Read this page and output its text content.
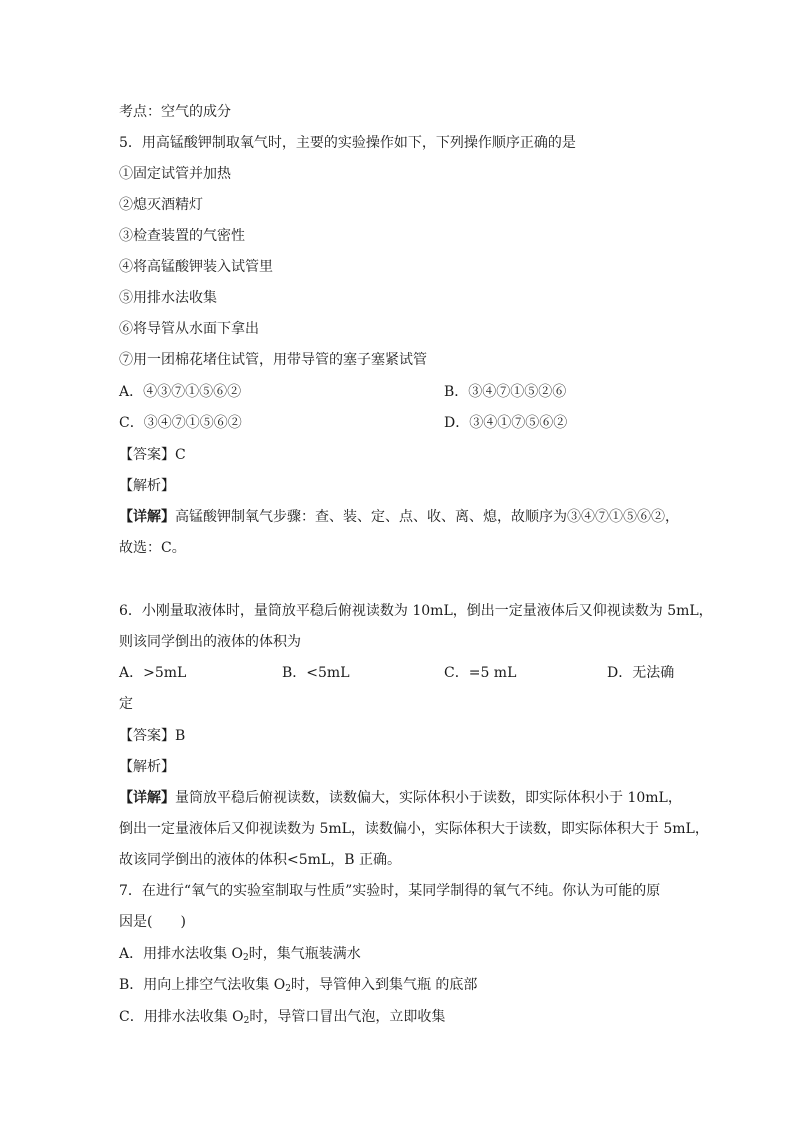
考点：空气的成分
5．用高锰酸钾制取氧气时，主要的实验操作如下，下列操作顺序正确的是
①固定试管并加热
②熄灭酒精灯
③检查装置的气密性
④将高锰酸钾装入试管里
⑤用排水法收集
⑥将导管从水面下拿出
⑦用一团棉花堵住试管，用带导管的塞子塞紧试管
A．④③⑦①⑤⑥②	B．③④⑦①⑤②⑥
C．③④⑦①⑤⑥②	D．③④①⑦⑤⑥②
【答案】C
【解析】
【详解】高锰酸钾制氧气步骤：查、装、定、点、收、离、熄，故顺序为③④⑦①⑤⑥②，
故选：C。
6．小刚量取液体时，量筒放平稳后俯视读数为 10mL，倒出一定量液体后又仰视读数为 5mL，
则该同学倒出的液体的体积为
A．>5mL	B．<5mL	C．=5 mL	D．无法确
定
【答案】B
【解析】
【详解】量筒放平稳后俯视读数，读数偏大，实际体积小于读数，即实际体积小于 10mL，
倒出一定量液体后又仰视读数为 5mL，读数偏小，实际体积大于读数，即实际体积大于 5mL，
故该同学倒出的液体的体积<5mL，B 正确。
7．在进行“氧气的实验室制取与性质”实验时，某同学制得的氧气不纯。你认为可能的原
因是(　　)
A．用排水法收集 $O_2$时，集气瓶装满水
B．用向上排空气法收集 $O_2$时，导管伸入到集气瓶 的底部
C．用排水法收集 $O_2$时，导管口冒出气泡，立即收集
